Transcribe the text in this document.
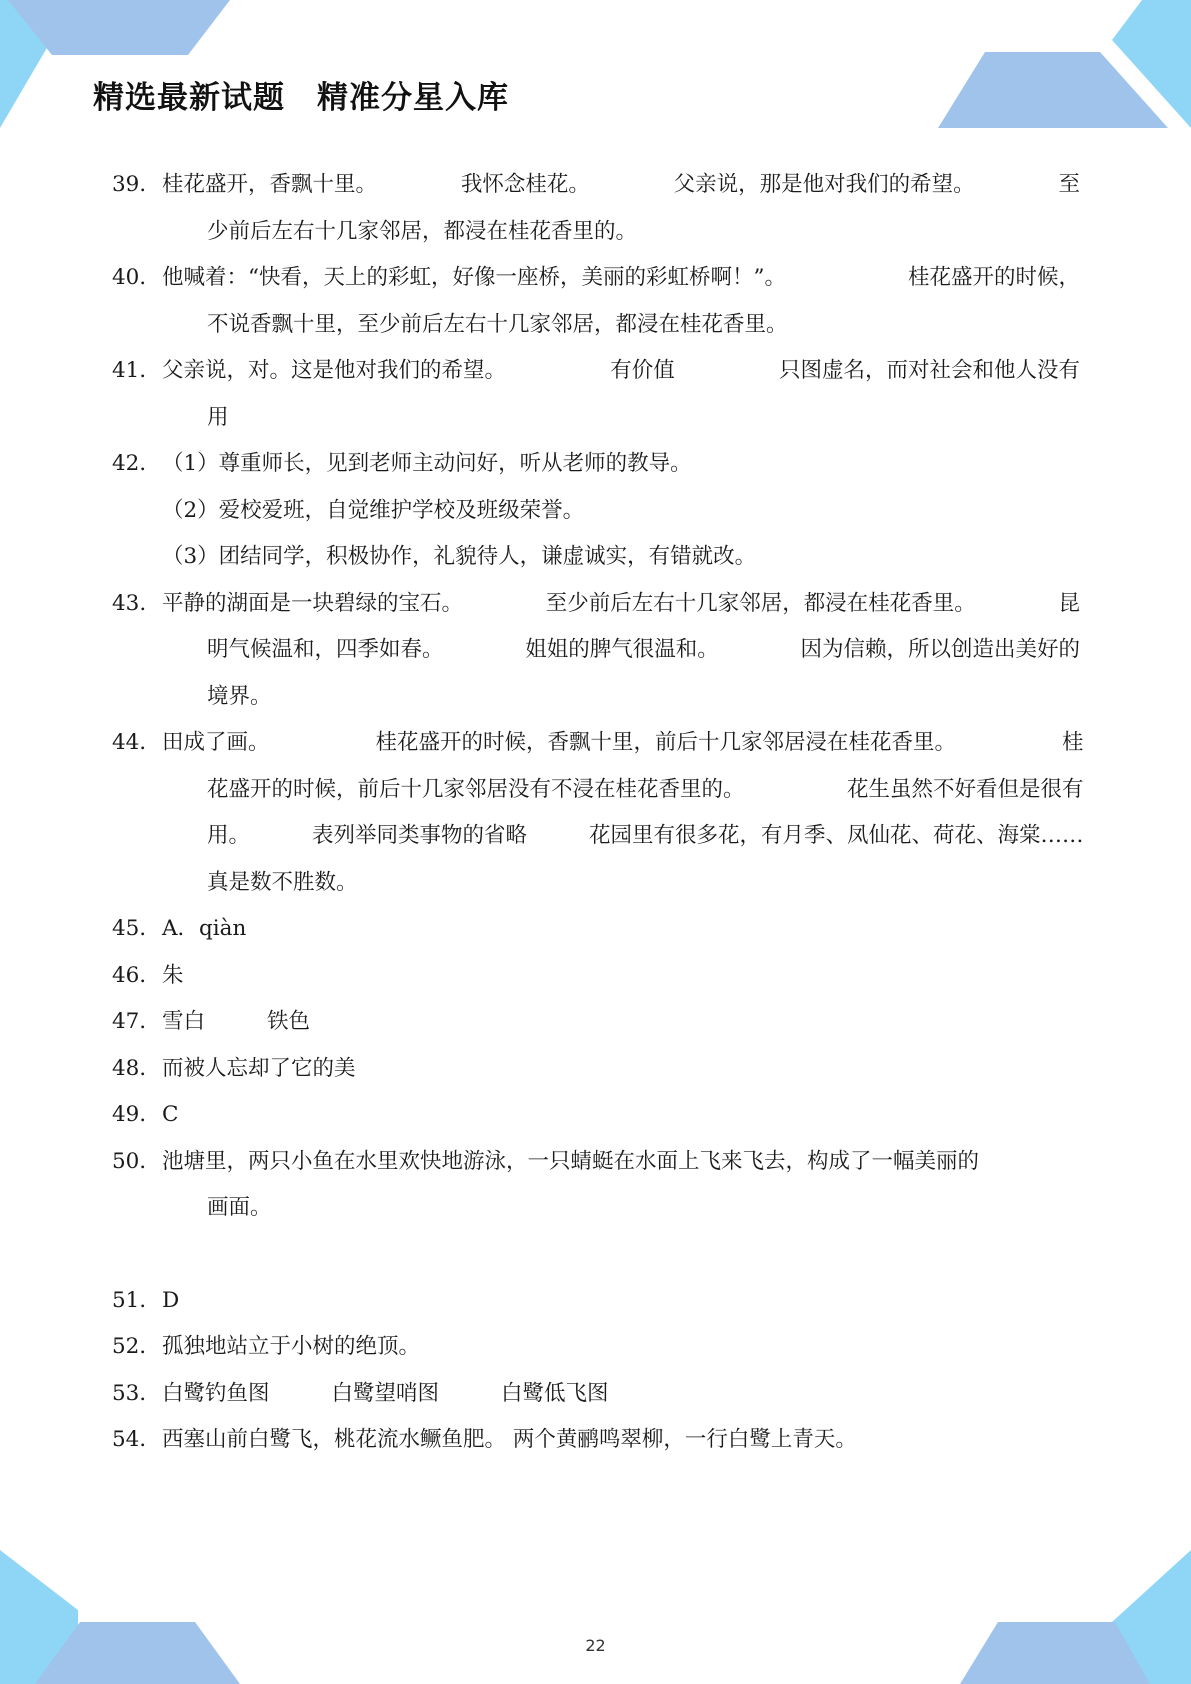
精选最新试题　精准分星入库
39． 桂花盛开，香飘十里。	我怀念桂花。	父亲说，那是他对我们的希望。	至
少前后左右十几家邻居，都浸在桂花香里的。
40． 他喊着：“快看，天上的彩虹，好像一座桥，美丽的彩虹桥啊！”。	桂花盛开的时候，
不说香飘十里，至少前后左右十几家邻居，都浸在桂花香里。
41． 父亲说，对。这是他对我们的希望。	有价值	只图虚名，而对社会和他人没有
用
42． （1）尊重师长，见到老师主动问好，听从老师的教导。
（2）爱校爱班，自觉维护学校及班级荣誉。
（3）团结同学，积极协作，礼貌待人，谦虚诚实，有错就改。
43. 平静的湖面是一块碧绿的宝石。	至少前后左右十几家邻居，都浸在桂花香里。	昆
明气候温和，四季如春。	姐姐的脾气很温和。	因为信赖，所以创造出美好的
境界。
44． 田成了画。	桂花盛开的时候，香飘十里，前后十几家邻居浸在桂花香里。	桂
花盛开的时候，前后十几家邻居没有不浸在桂花香里的。	花生虽然不好看但是很有
用。	表列举同类事物的省略	花园里有很多花，有月季、凤仙花、荷花、海棠……
真是数不胜数。
45． A．qiàn
46． 朱
47． 雪白	铁色
48． 而被人忘却了它的美
49． C
50． 池塘里，两只小鱼在水里欢快地游泳，一只蜻蜓在水面上飞来飞去，构成了一幅美丽的
画面。
51． D
52． 孤独地站立于小树的绝顶。
53． 白鹭钓鱼图	白鹭望哨图	白鹭低飞图
54． 西塞山前白鹭飞，桃花流水鳜鱼肥。 两个黄鹂鸣翠柳，一行白鹭上青天。
22
